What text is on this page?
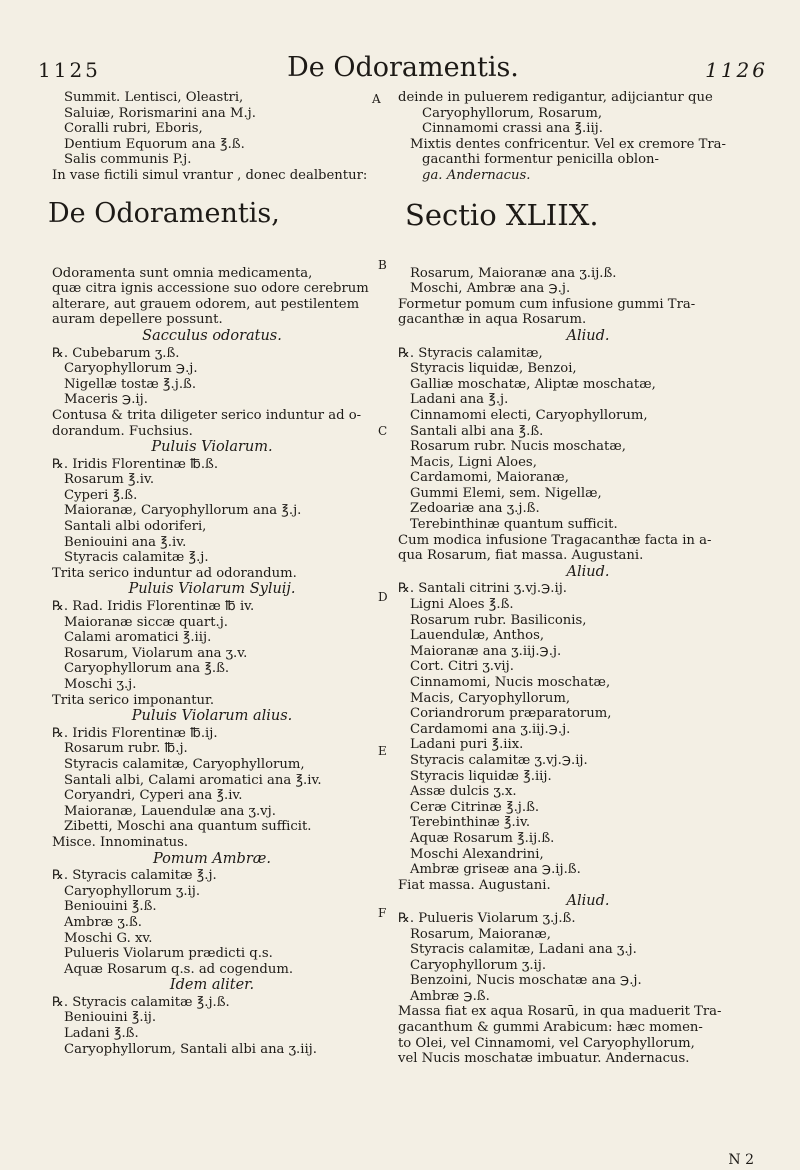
1125	De Odoramentis.	1126

Summit. Lentisci, Oleastri,

Saluiæ, Rorismarini ana M.j.

Coralli rubri, Eboris,

Dentium Equorum ana ℥.ß.

Salis communis P.j.

In vase fictili simul vrantur , donec dealbentur:

Odoramenta sunt omnia medicamenta,

quæ citra ignis accessione suo odore cerebrum

alterare, aut grauem odorem, aut pestilentem

auram depellere possunt.

Sacculus odoratus.

℞. Cubebarum ʒ.ß.

Caryophyllorum ℈.j.

Nigellæ tostæ ℥.j.ß.

Maceris ℈.ij.

Contusa & trita diligeter serico induntur ad o-

dorandum. Fuchsius.

Puluis Violarum.

℞. Iridis Florentinæ ℔.ß.

Rosarum ℥.iv.

Cyperi ℥.ß.

Maioranæ, Caryophyllorum ana ℥.j.

Santali albi odoriferi,

Beniouini ana ℥.iv.

Styracis calamitæ ℥.j.

Trita serico induntur ad odorandum.

Puluis Violarum Syluij.

℞. Rad. Iridis Florentinæ ℔ iv.

Maioranæ siccæ quart.j.

Calami aromatici ℥.iij.

Rosarum, Violarum ana ʒ.v.

Caryophyllorum ana ℥.ß.

Moschi ʒ.j.

Trita serico imponantur.

Puluis Violarum alius.

℞. Iridis Florentinæ ℔.ij.

Rosarum rubr. ℔.j.

Styracis calamitæ, Caryophyllorum,

Santali albi, Calami aromatici ana ℥.iv.

Coryandri, Cyperi ana ℥.iv.

Maioranæ, Lauendulæ ana ʒ.vj.

Zibetti, Moschi ana quantum sufficit.

Misce. Innominatus.

Pomum Ambræ.

℞. Styracis calamitæ ℥.j.

Caryophyllorum ʒ.ij.

Beniouini ℥.ß.

Ambræ ʒ.ß.

Moschi G. xv.

Pulueris Violarum prædicti q.s.

Aquæ Rosarum q.s. ad cogendum.

Idem aliter.

℞. Styracis calamitæ ℥.j.ß.

Beniouini ℥.ij.

Ladani ℥.ß.

Caryophyllorum, Santali albi ana ʒ.iij.

deinde in puluerem redigantur, adijciantur que

Caryophyllorum, Rosarum,

Cinnamomi crassi ana ℥.iij.

Mixtis dentes confricentur. Vel ex cremore Tra-

gacanthi formentur penicilla oblon-

ga. Andernacus.

Rosarum, Maioranæ ana ʒ.ij.ß.

Moschi, Ambræ ana ℈.j.

Formetur pomum cum infusione gummi Tra-

gacanthæ in aqua Rosarum.

Aliud.

℞. Styracis calamitæ,

Styracis liquidæ, Benzoi,

Galliæ moschatæ, Aliptæ moschatæ,

Ladani ana ℥.j.

Cinnamomi electi, Caryophyllorum,

Santali albi ana ℥.ß.

Rosarum rubr. Nucis moschatæ,

Macis, Ligni Aloes,

Cardamomi, Maioranæ,

Gummi Elemi, sem. Nigellæ,

Zedoariæ ana ʒ.j.ß.

Terebinthinæ quantum sufficit.

Cum modica infusione Tragacanthæ facta in a-

qua Rosarum, fiat massa. Augustani.

Aliud.

℞. Santali citrini ʒ.vj.℈.ij.

Ligni Aloes ℥.ß.

Rosarum rubr. Basiliconis,

Lauendulæ, Anthos,

Maioranæ ana ʒ.iij.℈.j.

Cort. Citri ʒ.vij.

Cinnamomi, Nucis moschatæ,

Macis, Caryophyllorum,

Coriandrorum præparatorum,

Cardamomi ana ʒ.iij.℈.j.

Ladani puri ℥.iix.

Styracis calamitæ ʒ.vj.℈.ij.

Styracis liquidæ ℥.iij.

Assæ dulcis ʒ.x.

Ceræ Citrinæ ℥.j.ß.

Terebinthinæ ℥.iv.

Aquæ Rosarum ℥.ij.ß.

Moschi Alexandrini,

Ambræ griseæ ana ℈.ij.ß.

Fiat massa. Augustani.

Aliud.

℞. Pulueris Violarum ʒ.j.ß.

Rosarum, Maioranæ,

Styracis calamitæ, Ladani ana ʒ.j.

Caryophyllorum ʒ.ij.

Benzoini, Nucis moschatæ ana ℈.j.

Ambræ ℈.ß.

Massa fiat ex aqua Rosarū, in qua maduerit Tra-

gacanthum & gummi Arabicum: hæc momen-

to Olei, vel Cinnamomi, vel Caryophyllorum,

vel Nucis moschatæ imbuatur. Andernacus.

De Odoramentis,	Sectio XLIIX.
A
B
C
D
E
F
N 2
